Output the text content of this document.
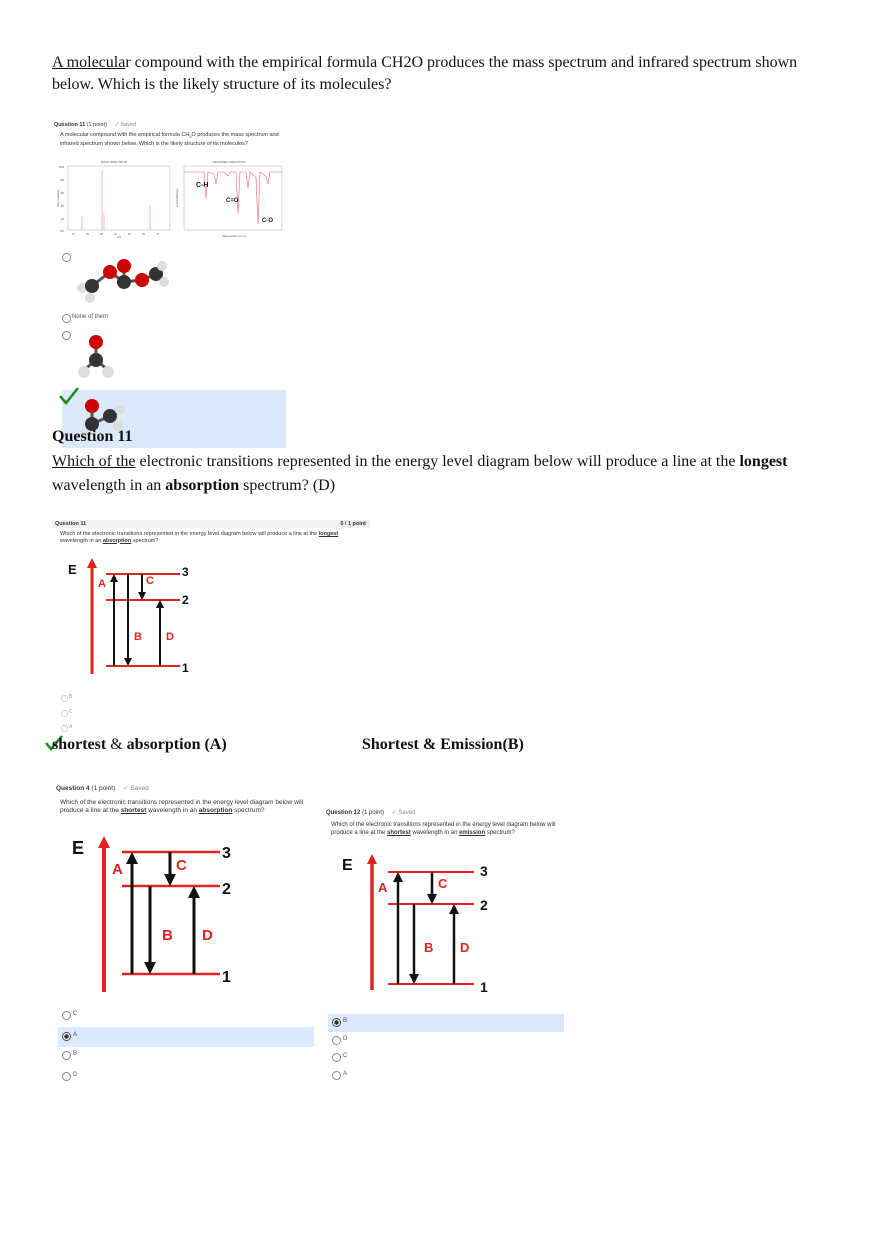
A molecular compound with the empirical formula CH2O produces the mass spectrum and infrared spectrum shown below. Which is the likely structure of its molecules?
Question 11 (1 point) ✓ Saved
A molecular compound with the empirical formula $CH_2O$ produces the mass spectrum and infrared spectrum shown below. Which is the likely structure of its molecules?
MASS SPECTRUM
Rel. Intensity
100
80
60
40
20
0.0
10	20	30	40	50	60	70
m/z
INFRARED SPECTRUM
Transmittance
C-H
C=O
C-O
Wavenumber (cm-1)
None of them
Question 11
Which of the electronic transitions represented in the energy level diagram below will produce a line at the longest wavelength in an absorption spectrum? (D)
Question 11	0 / 1 point
Which of the electronic transitions represented in the energy level diagram below will produce a line at the longest wavelength in an absorption spectrum?
E
A	C
B D
3
2
1
B
C
A
shortest & absorption (A)	Shortest & Emission(B)
Question 4 (1 point) ✓ Saved
Which of the electronic transitions represented in the energy level diagram below will produce a line at the shortest wavelength in an absorption spectrum?
E
A	C
B D
3
2
1
C
A
B
D
Question 12 (1 point) ✓ Saved
Which of the electronic transitions represented in the energy level diagram below will produce a line at the shortest wavelength in an emission spectrum?
E
A	C
B D
3
2
1
B
D
C
A
